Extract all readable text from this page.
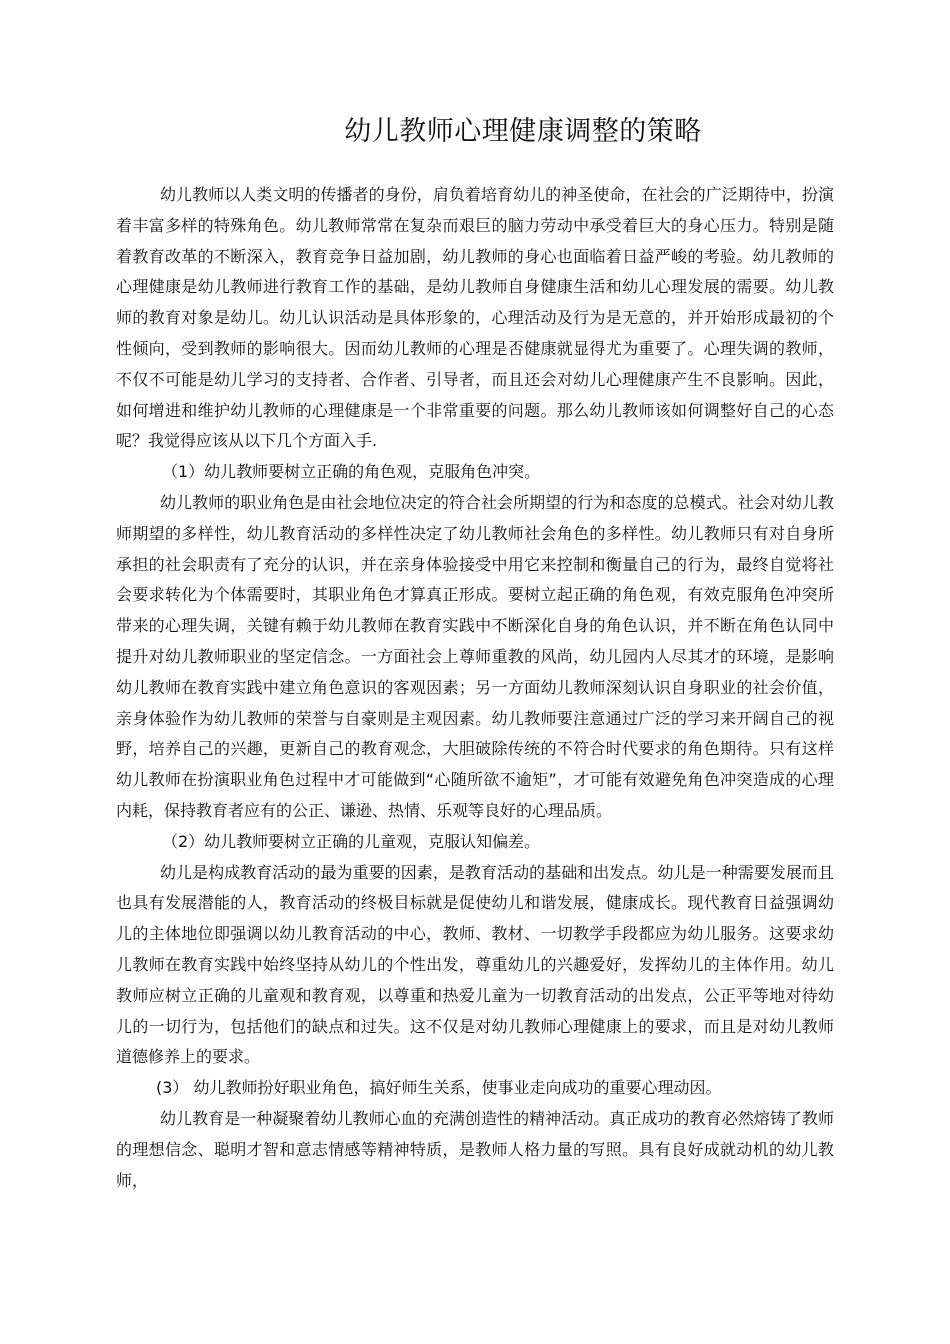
幼儿教师心理健康调整的策略

幼儿教师以人类文明的传播者的身份，肩负着培育幼儿的神圣使命，在社会的广泛期待中，扮演着丰富多样的特殊角色。幼儿教师常常在复杂而艰巨的脑力劳动中承受着巨大的身心压力。特别是随着教育改革的不断深入，教育竞争日益加剧，幼儿教师的身心也面临着日益严峻的考验。幼儿教师的心理健康是幼儿教师进行教育工作的基础，是幼儿教师自身健康生活和幼儿心理发展的需要。幼儿教师的教育对象是幼儿。幼儿认识活动是具体形象的，心理活动及行为是无意的，并开始形成最初的个性倾向，受到教师的影响很大。因而幼儿教师的心理是否健康就显得尤为重要了。心理失调的教师，不仅不可能是幼儿学习的支持者、合作者、引导者，而且还会对幼儿心理健康产生不良影响。因此，如何增进和维护幼儿教师的心理健康是一个非常重要的问题。那么幼儿教师该如何调整好自己的心态呢？我觉得应该从以下几个方面入手.

（1）幼儿教师要树立正确的角色观，克服角色冲突。

幼儿教师的职业角色是由社会地位决定的符合社会所期望的行为和态度的总模式。社会对幼儿教师期望的多样性，幼儿教育活动的多样性决定了幼儿教师社会角色的多样性。幼儿教师只有对自身所承担的社会职责有了充分的认识，并在亲身体验接受中用它来控制和衡量自己的行为，最终自觉将社会要求转化为个体需要时，其职业角色才算真正形成。要树立起正确的角色观，有效克服角色冲突所带来的心理失调，关键有赖于幼儿教师在教育实践中不断深化自身的角色认识，并不断在角色认同中提升对幼儿教师职业的坚定信念。一方面社会上尊师重教的风尚，幼儿园内人尽其才的环境，是影响幼儿教师在教育实践中建立角色意识的客观因素；另一方面幼儿教师深刻认识自身职业的社会价值，亲身体验作为幼儿教师的荣誉与自豪则是主观因素。幼儿教师要注意通过广泛的学习来开阔自己的视野，培养自己的兴趣，更新自己的教育观念，大胆破除传统的不符合时代要求的角色期待。只有这样幼儿教师在扮演职业角色过程中才可能做到“心随所欲不逾矩”，才可能有效避免角色冲突造成的心理内耗，保持教育者应有的公正、谦逊、热情、乐观等良好的心理品质。

（2）幼儿教师要树立正确的儿童观，克服认知偏差。

幼儿是构成教育活动的最为重要的因素，是教育活动的基础和出发点。幼儿是一种需要发展而且也具有发展潜能的人，教育活动的终极目标就是促使幼儿和谐发展，健康成长。现代教育日益强调幼儿的主体地位即强调以幼儿教育活动的中心，教师、教材、一切教学手段都应为幼儿服务。这要求幼儿教师在教育实践中始终坚持从幼儿的个性出发，尊重幼儿的兴趣爱好，发挥幼儿的主体作用。幼儿教师应树立正确的儿童观和教育观，以尊重和热爱儿童为一切教育活动的出发点，公正平等地对待幼儿的一切行为，包括他们的缺点和过失。这不仅是对幼儿教师心理健康上的要求，而且是对幼儿教师道德修养上的要求。

(3） 幼儿教师扮好职业角色，搞好师生关系，使事业走向成功的重要心理动因。

幼儿教育是一种凝聚着幼儿教师心血的充满创造性的精神活动。真正成功的教育必然熔铸了教师的理想信念、聪明才智和意志情感等精神特质，是教师人格力量的写照。具有良好成就动机的幼儿教师，
